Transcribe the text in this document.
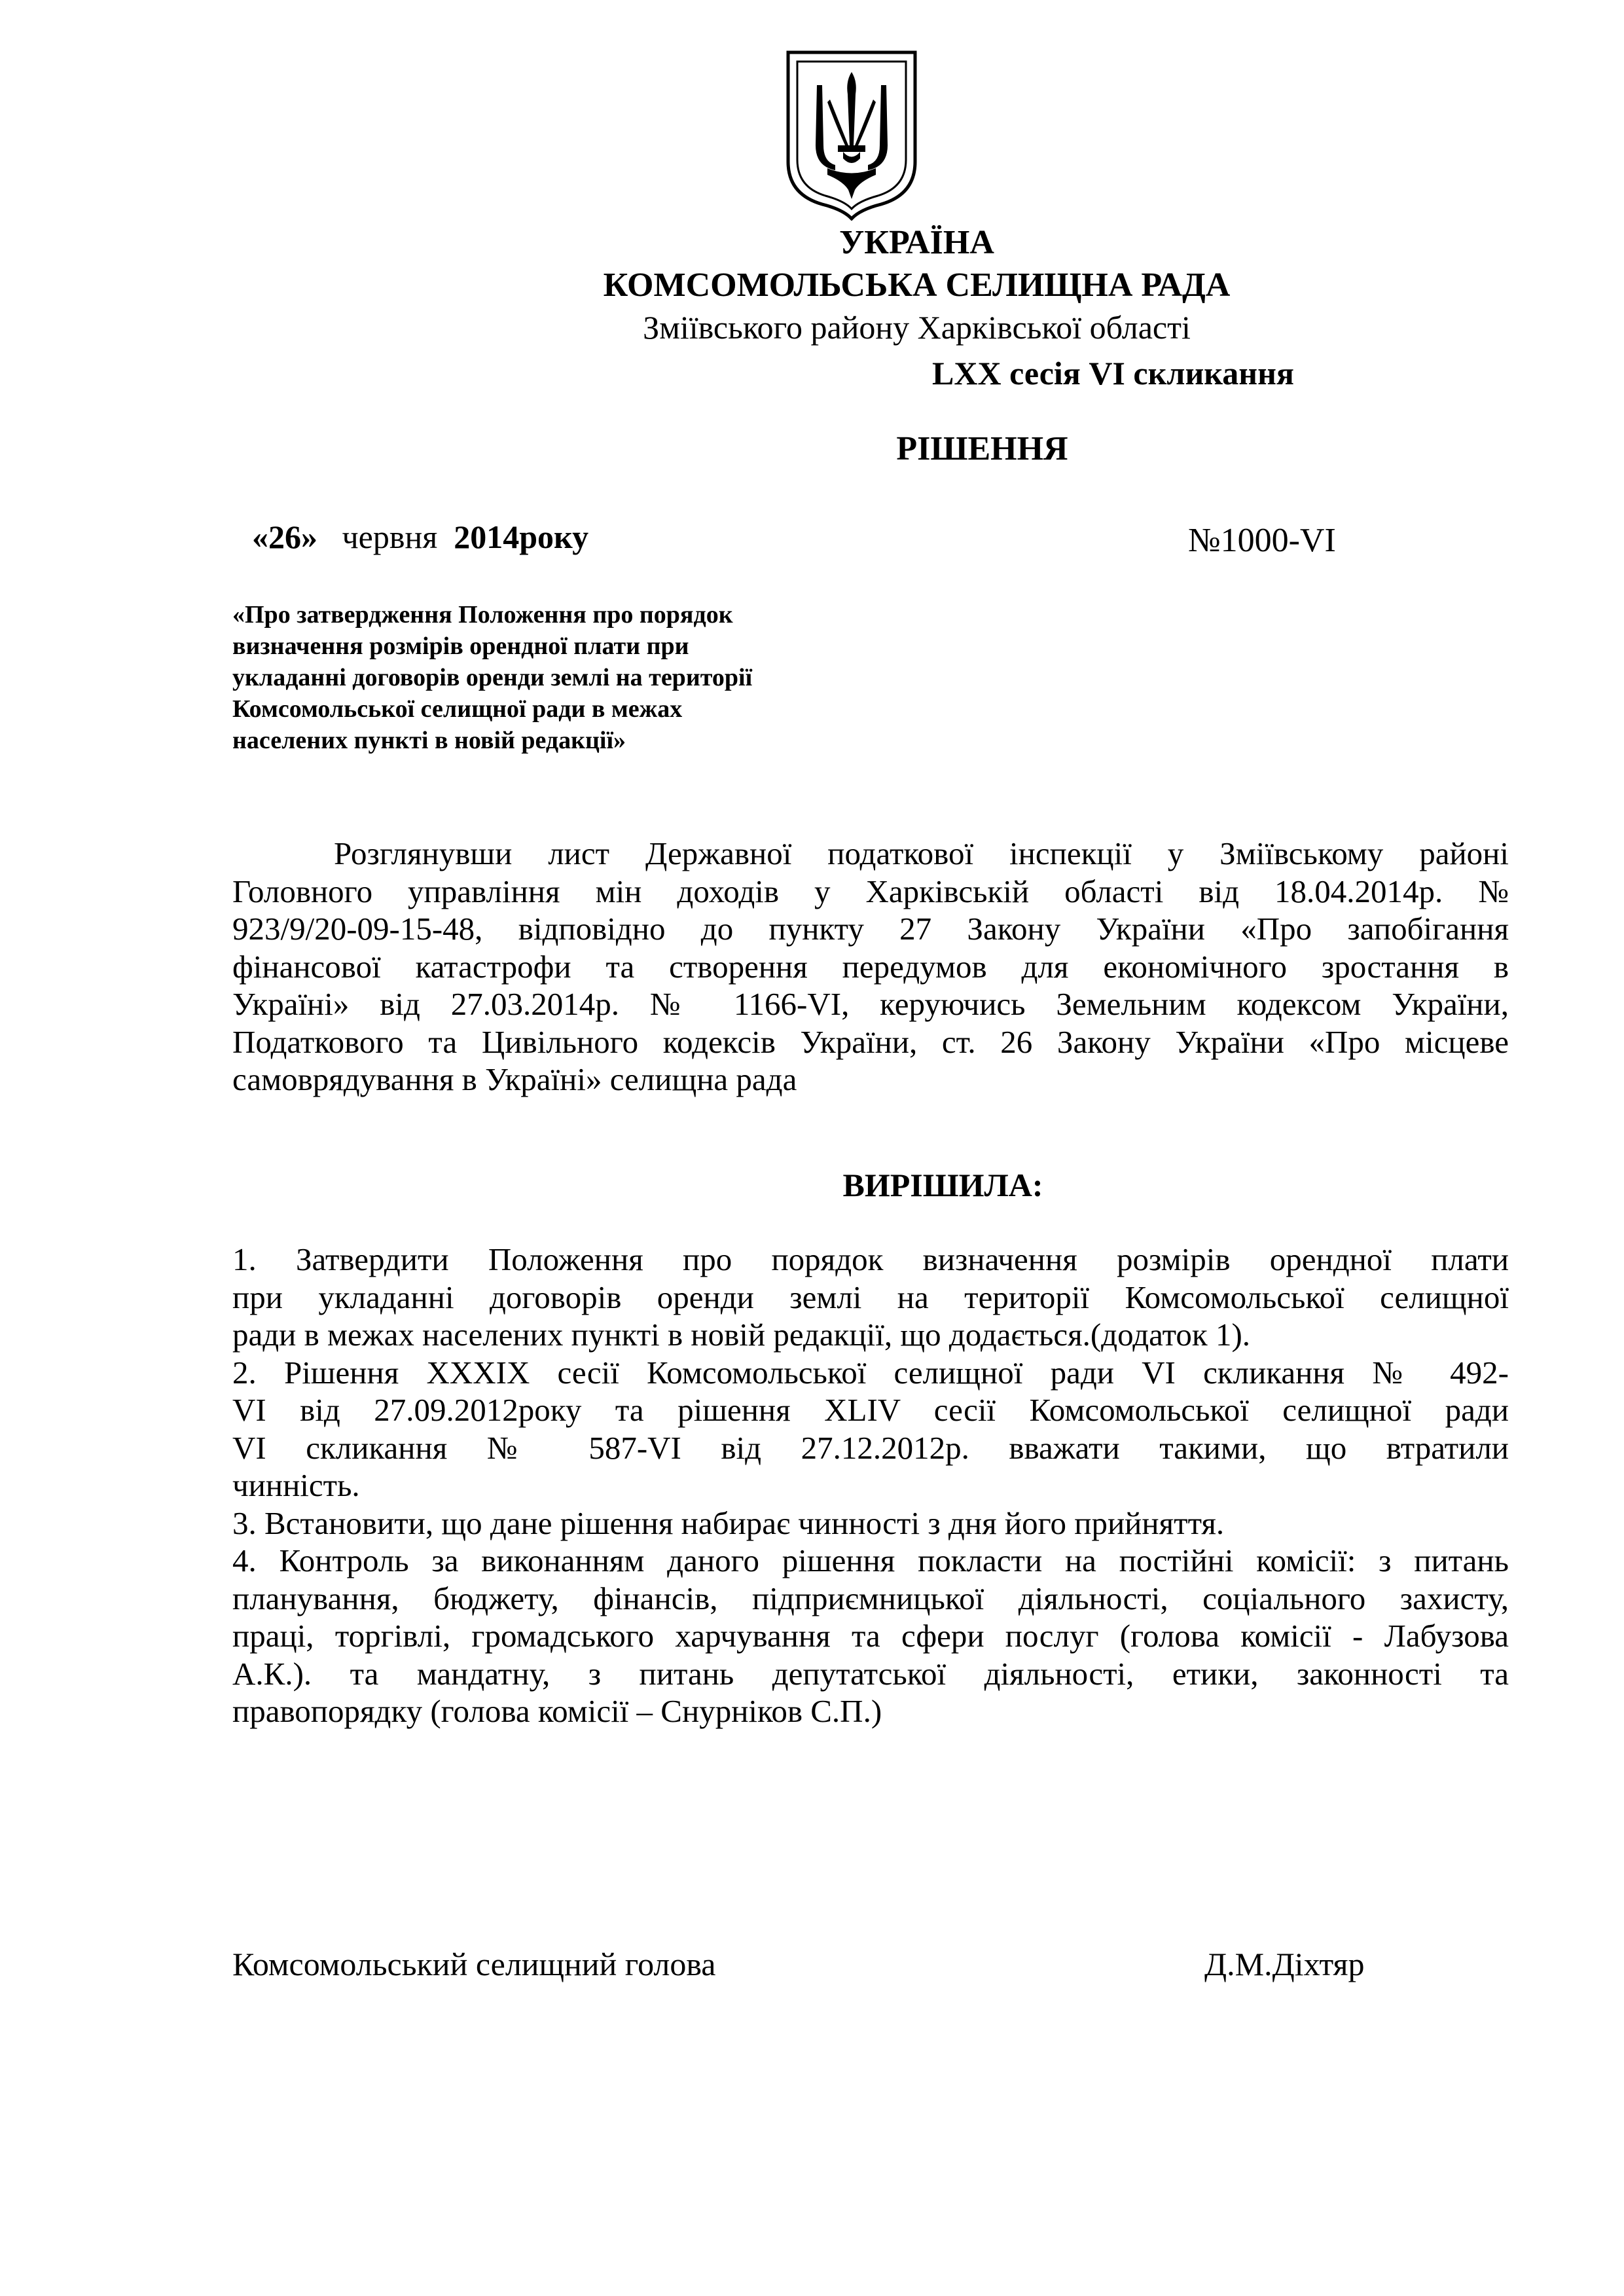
УКРАЇНА
КОМСОМОЛЬСЬКА СЕЛИЩНА РАДА
Зміївського району Харківської області
LXX сесія VI скликання
РІШЕННЯ
«26» червня 2014року	№1000-VI
«Про затвердження Положення про порядок
визначення розмірів орендної плати при
укладанні договорів оренди землі на території
Комсомольської селищної ради в межах
населених пункті в новій редакції»
Розглянувши лист Державної податкової інспекції у Зміївському районі
Головного управління мін доходів у Харківській області від 18.04.2014р. №
923/9/20-09-15-48, відповідно до пункту 27 Закону України «Про запобігання
фінансової катастрофи та створення передумов для економічного зростання в
Україні» від 27.03.2014р. № 1166-VI, керуючись Земельним кодексом України,
Податкового та Цивільного кодексів України, ст. 26 Закону України «Про місцеве
самоврядування в Україні» селищна рада
ВИРІШИЛА:
1. Затвердити Положення про порядок визначення розмірів орендної плати
при укладанні договорів оренди землі на території Комсомольської селищної
ради в межах населених пункті в новій редакції, що додається.(додаток 1).
2. Рішення XXXIX сесії Комсомольської селищної ради VI скликання № 492-
VI від 27.09.2012року та рішення XLIV сесії Комсомольської селищної ради
VI скликання № 587-VI від 27.12.2012р. вважати такими, що втратили
чинність.
3. Встановити, що дане рішення набирає чинності з дня його прийняття.
4. Контроль за виконанням даного рішення покласти на постійні комісії: з питань
планування, бюджету, фінансів, підприємницької діяльності, соціального захисту,
праці, торгівлі, громадського харчування та сфери послуг (голова комісії - Лабузова
А.К.). та мандатну, з питань депутатської діяльності, етики, законності та
правопорядку (голова комісії – Снурніков С.П.)
Комсомольський селищний голова	Д.М.Діхтяр
